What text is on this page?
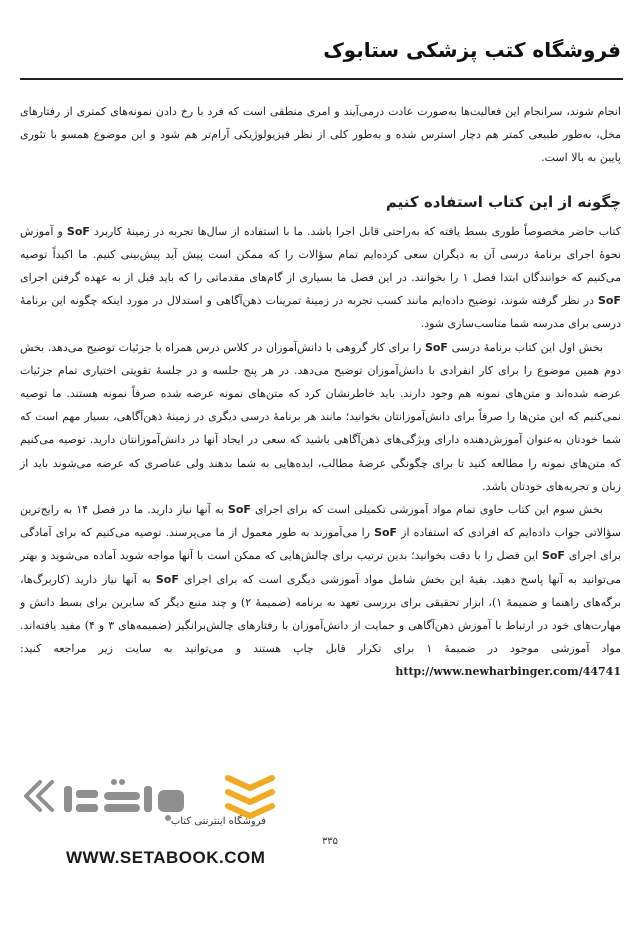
فروشگاه کتب پزشکی ستابوک

انجام شوند، سرانجام این فعالیت‌ها به‌صورت عادت درمی‌آیند و امری منطقی است که فرد با رخ دادن نمونه‌های کمتری از رفتارهای مخل، به‌طور طبیعی کمتر هم دچار استرس شده و به‌طور کلی از نظر فیزیولوژیکی آرام‌تر هم شود و این موضوع همسو با تئوری پایین به بالا است.

چگونه از این کتاب استفاده کنیم

کتاب حاضر مخصوصاً طوری بسط یافته که به‌راحتی قابل اجرا باشد. ما با استفاده از سال‌ها تجربه در زمینهٔ کاربرد SoF و آموزش نحوهٔ اجرای برنامهٔ درسی آن به دیگران سعی کرده‌ایم تمام سؤالات را که ممکن است پیش آید پیش‌بینی کنیم. ما اکیداً توصیه می‌کنیم که خوانندگان ابتدا فصل ۱ را بخوانند. در این فصل ما بسیاری از گام‌های مقدماتی را که باید قبل از به عهده گرفتن اجرای SoF در نظر گرفته شوند، توضیح داده‌ایم مانند کسب تجربه در زمینهٔ تمرینات ذهن‌آگاهی و استدلال در مورد اینکه چگونه این برنامهٔ درسی برای مدرسه شما مناسب‌سازی شود.

بخش اول این کتاب برنامهٔ درسی SoF را برای کار گروهی با دانش‌آموزان در کلاس درس همراه با جزئیات توضیح می‌دهد. بخش دوم همین موضوع را برای کار انفرادی با دانش‌آموزان توضیح می‌دهد. در هر پنج جلسه و در جلسهٔ تقویتی اختیاری تمام جزئیات عرضه شده‌اند و متن‌های نمونه هم وجود دارند. باید خاطرنشان کرد که متن‌های نمونه عرضه شده صرفاً نمونه هستند. ما توصیه نمی‌کنیم که این متن‌ها را صرفاً برای دانش‌آموزانتان بخوانید؛ مانند هر برنامهٔ درسی دیگری در زمینهٔ ذهن‌آگاهی، بسیار مهم است که شما خودتان به‌عنوان آموزش‌دهنده دارای ویژگی‌های ذهن‌آگاهی باشید که سعی در ایجاد آنها در دانش‌آموزانتان دارید. توصیه می‌کنیم که متن‌های نمونه را مطالعه کنید تا برای چگونگی عرضهٔ مطالب، ایده‌هایی به شما بدهند ولی عناصری که عرضه می‌شوند باید از زبان و تجربه‌های خودتان باشد.

بخش سوم این کتاب حاوی تمام مواد آموزشی تکمیلی است که برای اجرای SoF به آنها نیاز دارید. ما در فصل ۱۴ به رایج‌ترین سؤالاتی جواب داده‌ایم که افرادی که استفاده از SoF را می‌آموزند به طور معمول از ما می‌پرسند. توصیه می‌کنیم که برای آمادگی برای اجرای SoF این فصل را با دقت بخوانید؛ بدین ترتیب برای چالش‌هایی که ممکن است با آنها مواجه شوید آماده می‌شوید و بهتر می‌توانید به آنها پاسخ دهید. بقیهٔ این بخش شامل مواد آموزشی دیگری است که برای اجرای SoF به آنها نیاز دارید (کاربرگ‌ها، برگه‌های راهنما و ضمیمهٔ ۱)، ابزار تحقیقی برای بررسی تعهد به برنامه (ضمیمهٔ ۲) و چند منبع دیگر که سایرین برای بسط دانش و مهارت‌های خود در ارتباط با آموزش ذهن‌آگاهی و حمایت از دانش‌آموزان با رفتارهای چالش‌برانگیز (ضمیمه‌های ۳ و ۴) مفید یافته‌اند. مواد آموزشی موجود در ضمیمهٔ ۱ برای تکرار قابل چاپ هستند و می‌توانید به سایت زیر مراجعه کنید: http://www.newharbinger.com/44741

۳۳۵
ستابوک
فروشگاه اینترنتی کتاب
WWW.SETABOOK.COM
